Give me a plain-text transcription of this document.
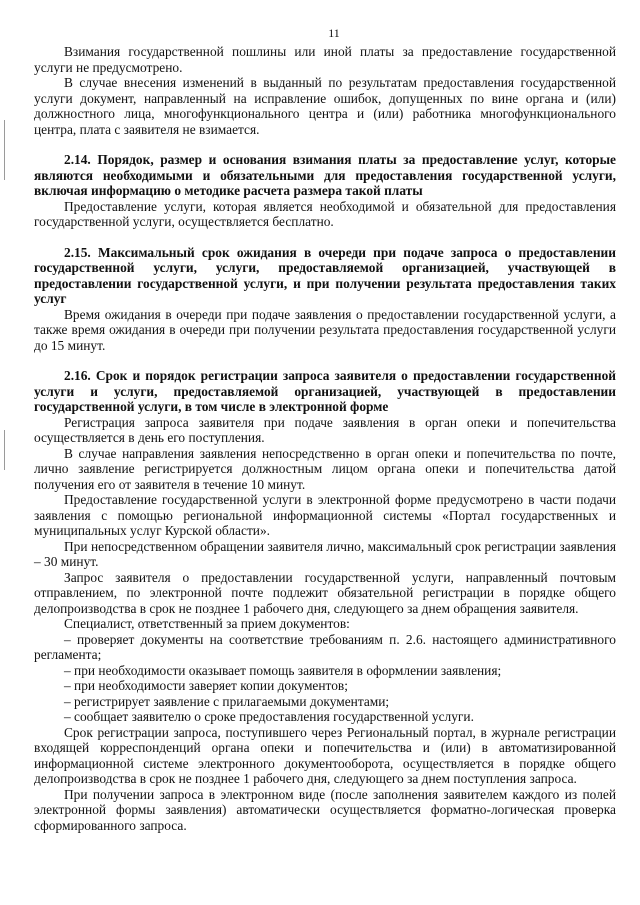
11

Взимания государственной пошлины или иной платы за предоставление государственной услуги не предусмотрено.

В случае внесения изменений в выданный по результатам предоставления государственной услуги документ, направленный на исправление ошибок, допущенных по вине органа и (или) должностного лица, многофункционального центра и (или) работника многофункционального центра, плата с заявителя не взимается.

2.14. Порядок, размер и основания взимания платы за предоставление услуг, которые являются необходимыми и обязательными для предоставления государственной услуги, включая информацию о методике расчета размера такой платы

Предоставление услуги, которая является необходимой и обязательной для предоставления государственной услуги, осуществляется бесплатно.

2.15. Максимальный срок ожидания в очереди при подаче запроса о предоставлении государственной услуги, услуги, предоставляемой организацией, участвующей в предоставлении государственной услуги, и при получении результата предоставления таких услуг

Время ожидания в очереди при подаче заявления о предоставлении государственной услуги, а также время ожидания в очереди при получении результата предоставления государственной услуги до 15 минут.

2.16. Срок и порядок регистрации запроса заявителя о предоставлении государственной услуги и услуги, предоставляемой организацией, участвующей в предоставлении государственной услуги, в том числе в электронной форме

Регистрация запроса заявителя при подаче заявления в орган опеки и попечительства осуществляется в день его поступления.

В случае направления заявления непосредственно в орган опеки и попечительства по почте, лично заявление регистрируется должностным лицом органа опеки и попечительства датой получения его от заявителя в течение 10 минут.

Предоставление государственной услуги в электронной форме предусмотрено в части подачи заявления с помощью региональной информационной системы «Портал государственных и муниципальных услуг Курской области».

При непосредственном обращении заявителя лично, максимальный срок регистрации заявления – 30 минут.

Запрос заявителя о предоставлении государственной услуги, направленный почтовым отправлением, по электронной почте подлежит обязательной регистрации в порядке общего делопроизводства в срок не позднее 1 рабочего дня, следующего за днем обращения заявителя.

Специалист, ответственный за прием документов:

– проверяет документы на соответствие требованиям п. 2.6. настоящего административного регламента;

– при необходимости оказывает помощь заявителя в оформлении заявления;

– при необходимости заверяет копии документов;

– регистрирует заявление с прилагаемыми документами;

– сообщает заявителю о сроке предоставления государственной услуги.

Срок регистрации запроса, поступившего через Региональный портал, в журнале регистрации входящей корреспонденций органа опеки и попечительства и (или) в автоматизированной информационной системе электронного документооборота, осуществляется в порядке общего делопроизводства в срок не позднее 1 рабочего дня, следующего за днем поступления запроса.

При получении запроса в электронном виде (после заполнения заявителем каждого из полей электронной формы заявления) автоматически осуществляется форматно-логическая проверка сформированного запроса.
